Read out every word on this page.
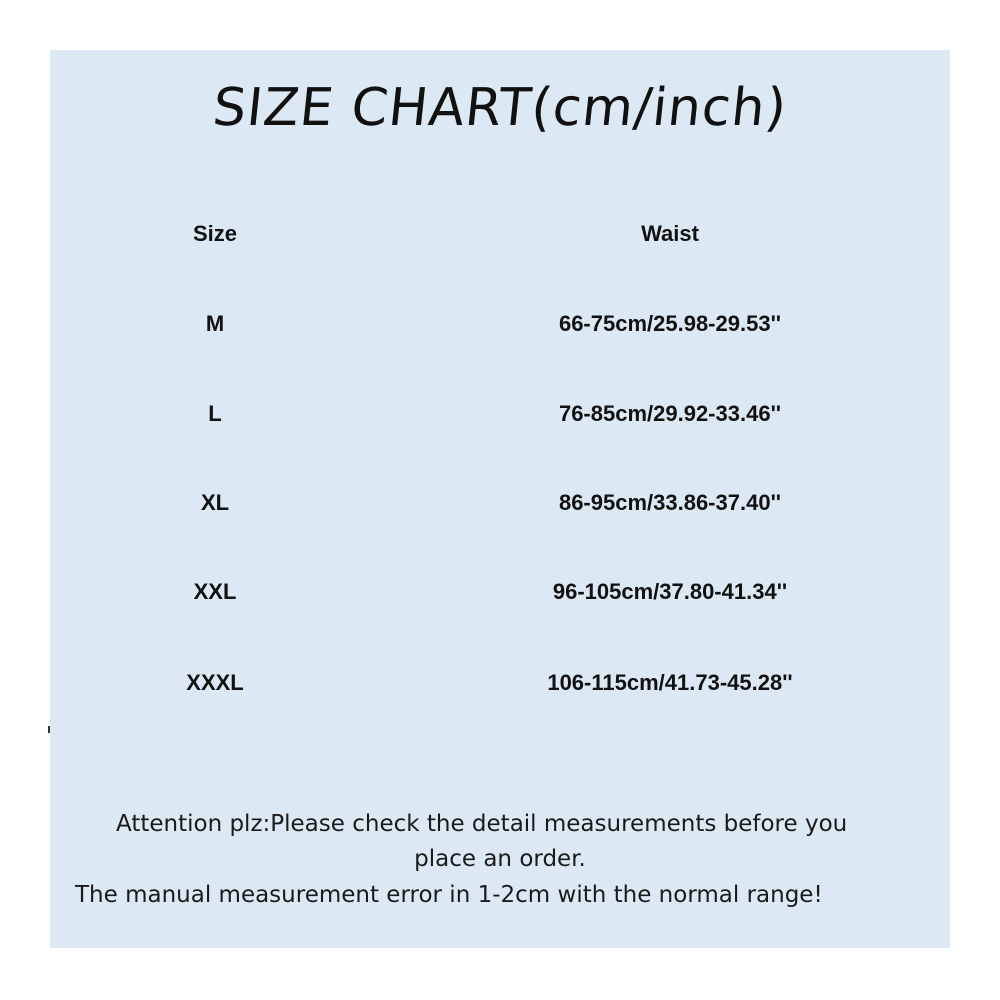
SIZE CHART(cm/inch)
Size	Waist
M	66-75cm/25.98-29.53''
L	76-85cm/29.92-33.46''
XL	86-95cm/33.86-37.40''
XXL	96-105cm/37.80-41.34''
XXXL	106-115cm/41.73-45.28''
Attention plz:Please check the detail measurements before you
place an order.
The manual measurement error in 1-2cm with the normal range!
